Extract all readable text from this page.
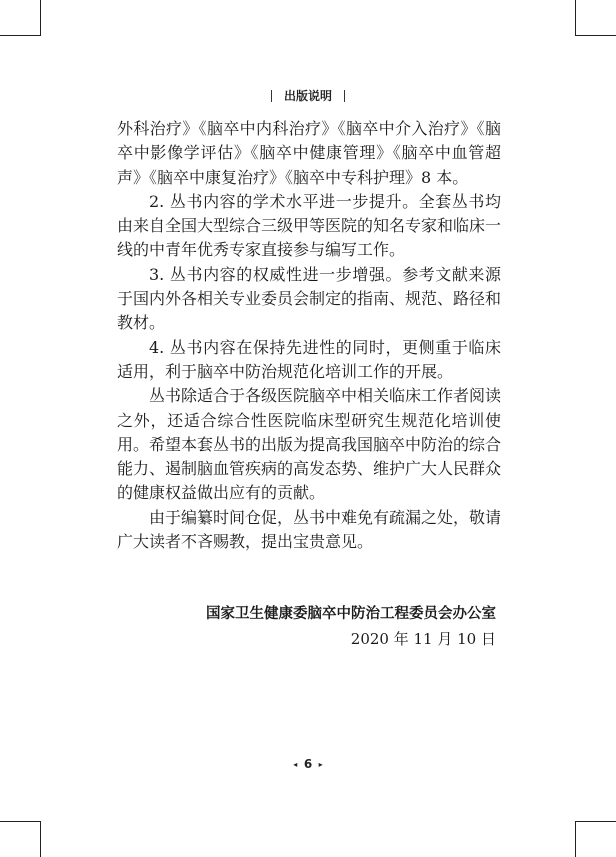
出版说明

外科治疗》《脑卒中内科治疗》《脑卒中介入治疗》《脑卒中影像学评估》《脑卒中健康管理》《脑卒中血管超声》《脑卒中康复治疗》《脑卒中专科护理》8 本。

2. 丛书内容的学术水平进一步提升。全套丛书均由来自全国大型综合三级甲等医院的知名专家和临床一线的中青年优秀专家直接参与编写工作。

3. 丛书内容的权威性进一步增强。参考文献来源于国内外各相关专业委员会制定的指南、规范、路径和教材。

4. 丛书内容在保持先进性的同时，更侧重于临床适用，利于脑卒中防治规范化培训工作的开展。

丛书除适合于各级医院脑卒中相关临床工作者阅读之外，还适合综合性医院临床型研究生规范化培训使用。希望本套丛书的出版为提高我国脑卒中防治的综合能力、遏制脑血管疾病的高发态势、维护广大人民群众的健康权益做出应有的贡献。

由于编纂时间仓促，丛书中难免有疏漏之处，敬请广大读者不吝赐教，提出宝贵意见。

国家卫生健康委脑卒中防治工程委员会办公室
2020 年 11 月 10 日
◂ 6 ▸
